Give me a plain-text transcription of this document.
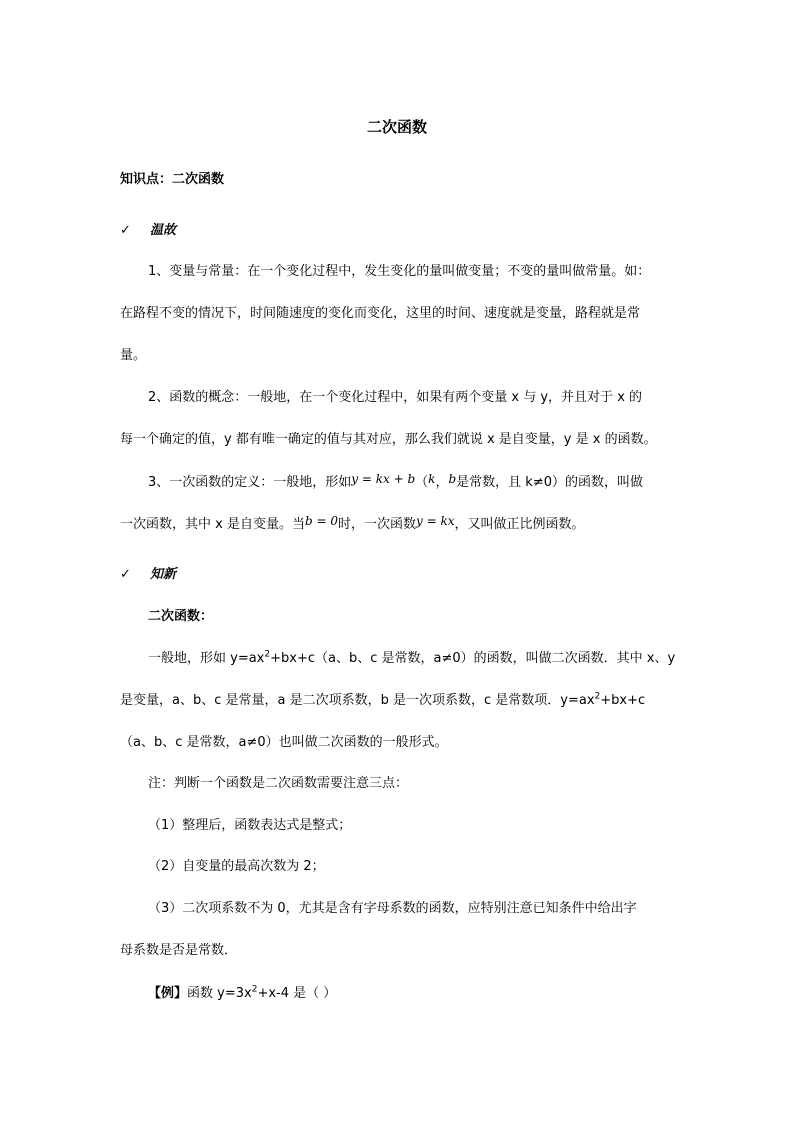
二次函数
知识点：二次函数
✓ 温故
1、变量与常量：在一个变化过程中，发生变化的量叫做变量；不变的量叫做常量。如：
在路程不变的情况下，时间随速度的变化而变化，这里的时间、速度就是变量，路程就是常
量。
2、函数的概念：一般地，在一个变化过程中，如果有两个变量 x 与 y，并且对于 x 的
每一个确定的值，y 都有唯一确定的值与其对应，那么我们就说 x 是自变量，y 是 x 的函数。
3、一次函数的定义：一般地，形如y = kx + b（k，b是常数，且 k≠0）的函数，叫做
一次函数，其中 x 是自变量。当b = 0时，一次函数y = kx，又叫做正比例函数。
✓ 知新
二次函数：
一般地，形如 $y=ax^2+bx+c(a$、b、c 是常数，a≠0）的函数，叫做二次函数．其中 x、y
是变量，a、b、c 是常量，a 是二次项系数，b 是一次项系数，c 是常数项．$y=ax^2+bx+c$
（a、b、c 是常数，a≠0）也叫做二次函数的一般形式。
注：判断一个函数是二次函数需要注意三点：
（1）整理后，函数表达式是整式；
（2）自变量的最高次数为 2；
（3）二次项系数不为 0，尤其是含有字母系数的函数，应特别注意已知条件中给出字
母系数是否是常数．
【例】函数 $y=3x^2+x-4$ 是（ ）
